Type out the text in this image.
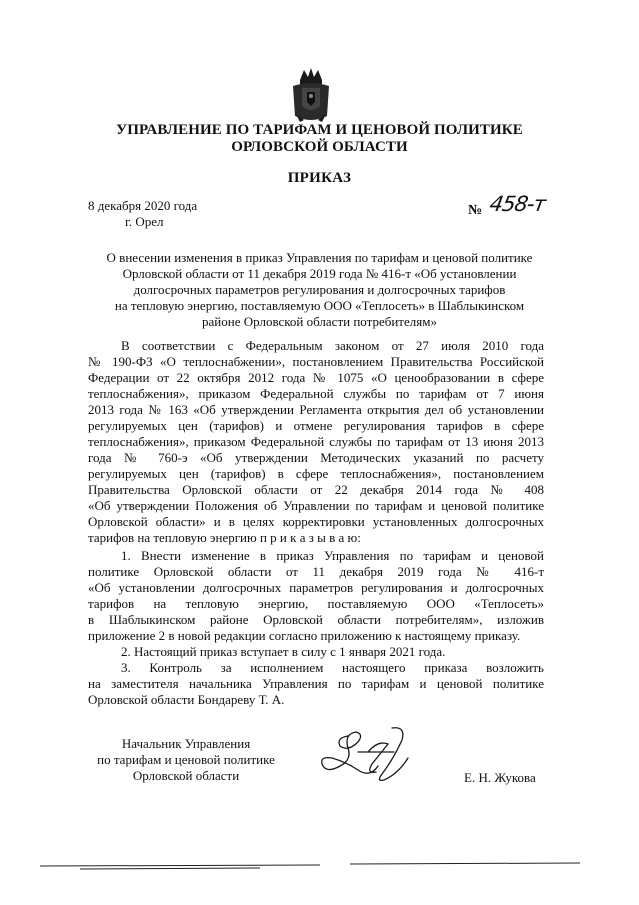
УПРАВЛЕНИЕ ПО ТАРИФАМ И ЦЕНОВОЙ ПОЛИТИКЕ
ОРЛОВСКОЙ ОБЛАСТИ
ПРИКАЗ
8 декабря 2020 года
г. Орел
№ 458-т
О внесении изменения в приказ Управления по тарифам и ценовой политике
Орловской области от 11 декабря 2019 года № 416-т «Об установлении
долгосрочных параметров регулирования и долгосрочных тарифов
на тепловую энергию, поставляемую ООО «Теплосеть» в Шаблыкинском
районе Орловской области потребителям»
В соответствии с Федеральным законом от 27 июля 2010 года
№ 190-ФЗ «О теплоснабжении», постановлением Правительства Российской
Федерации от 22 октября 2012 года № 1075 «О ценообразовании в сфере
теплоснабжения», приказом Федеральной службы по тарифам от 7 июня
2013 года № 163 «Об утверждении Регламента открытия дел об установлении
регулируемых цен (тарифов) и отмене регулирования тарифов в сфере
теплоснабжения», приказом Федеральной службы по тарифам от 13 июня 2013
года № 760-э «Об утверждении Методических указаний по расчету
регулируемых цен (тарифов) в сфере теплоснабжения», постановлением
Правительства Орловской области от 22 декабря 2014 года № 408
«Об утверждении Положения об Управлении по тарифам и ценовой политике
Орловской области» и в целях корректировки установленных долгосрочных
тарифов на тепловую энергию п р и к а з ы в а ю:
1. Внести изменение в приказ Управления по тарифам и ценовой
политике Орловской области от 11 декабря 2019 года № 416-т
«Об установлении долгосрочных параметров регулирования и долгосрочных
тарифов на тепловую энергию, поставляемую ООО «Теплосеть»
в Шаблыкинском районе Орловской области потребителям», изложив
приложение 2 в новой редакции согласно приложению к настоящему приказу.
2. Настоящий приказ вступает в силу с 1 января 2021 года.
3. Контроль за исполнением настоящего приказа возложить
на заместителя начальника Управления по тарифам и ценовой политике
Орловской области Бондареву Т. А.
Начальник Управления
по тарифам и ценовой политике
Орловской области	Е. Н. Жукова
